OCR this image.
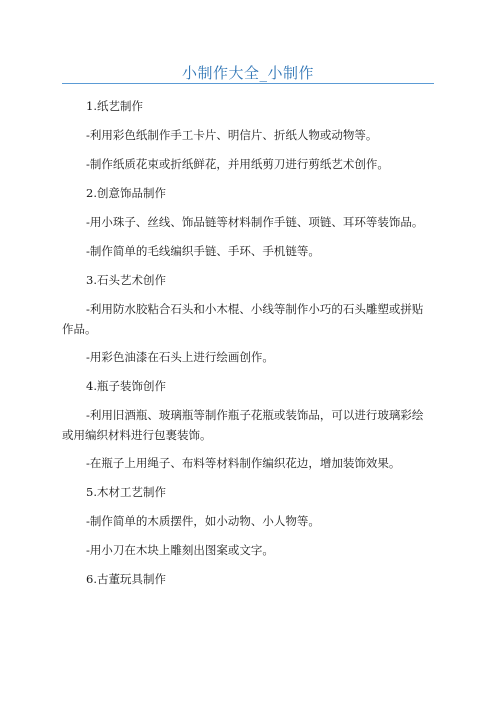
小制作大全_小制作
1.纸艺制作
-利用彩色纸制作手工卡片、明信片、折纸人物或动物等。
-制作纸质花束或折纸鲜花，并用纸剪刀进行剪纸艺术创作。
2.创意饰品制作
-用小珠子、丝线、饰品链等材料制作手链、项链、耳环等装饰品。
-制作简单的毛线编织手链、手环、手机链等。
3.石头艺术创作
-利用防水胶粘合石头和小木棍、小线等制作小巧的石头雕塑或拼贴作品。
-用彩色油漆在石头上进行绘画创作。
4.瓶子装饰创作
-利用旧酒瓶、玻璃瓶等制作瓶子花瓶或装饰品，可以进行玻璃彩绘或用编织材料进行包裹装饰。
-在瓶子上用绳子、布料等材料制作编织花边，增加装饰效果。
5.木材工艺制作
-制作简单的木质摆件，如小动物、小人物等。
-用小刀在木块上雕刻出图案或文字。
6.古董玩具制作
